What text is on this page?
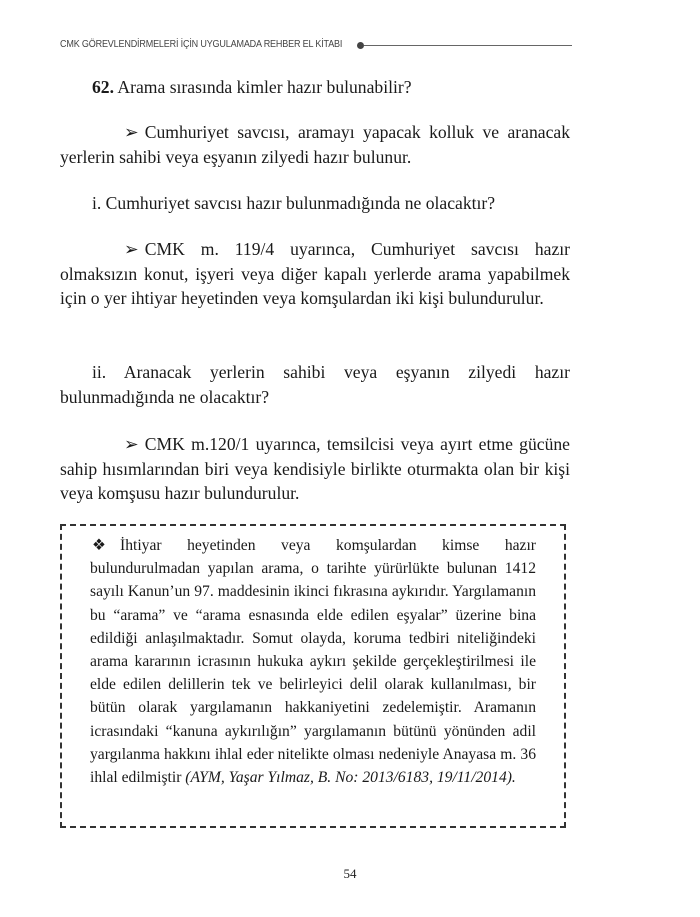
CMK GÖREVLENDİRMELERİ İÇİN UYGULAMADA REHBER EL KİTABI

62. Arama sırasında kimler hazır bulunabilir?

➢ Cumhuriyet savcısı, aramayı yapacak kolluk ve aranacak yerlerin sahibi veya eşyanın zilyedi hazır bulunur.

i. Cumhuriyet savcısı hazır bulunmadığında ne olacaktır?

➢ CMK m. 119/4 uyarınca, Cumhuriyet savcısı hazır olmaksızın konut, işyeri veya diğer kapalı yerlerde arama yapabilmek için o yer ihtiyar heyetinden veya komşulardan iki kişi bulundurulur.

ii. Aranacak yerlerin sahibi veya eşyanın zilyedi hazır bulunmadığında ne olacaktır?

➢ CMK m.120/1 uyarınca, temsilcisi veya ayırt etme gücüne sahip hısımlarından biri veya kendisiyle birlikte oturmakta olan bir kişi veya komşusu hazır bulundurulur.

❖ İhtiyar heyetinden veya komşulardan kimse hazır bulundurulmadan yapılan arama, o tarihte yürürlükte bulunan 1412 sayılı Kanun’un 97. maddesinin ikinci fıkrasına aykırıdır. Yargılamanın bu “arama” ve “arama esnasında elde edilen eşyalar” üzerine bina edildiği anlaşılmaktadır. Somut olayda, koruma tedbiri niteliğindeki arama kararının icrasının hukuka aykırı şekilde gerçekleştirilmesi ile elde edilen delillerin tek ve belirleyici delil olarak kullanılması, bir bütün olarak yargılamanın hakkaniyetini zedelemiştir. Aramanın icrasındaki “kanuna aykırılığın” yargılamanın bütünü yönünden adil yargılanma hakkını ihlal eder nitelikte olması nedeniyle Anayasa m. 36 ihlal edilmiştir (AYM, Yaşar Yılmaz, B. No: 2013/6183, 19/11/2014).

54
